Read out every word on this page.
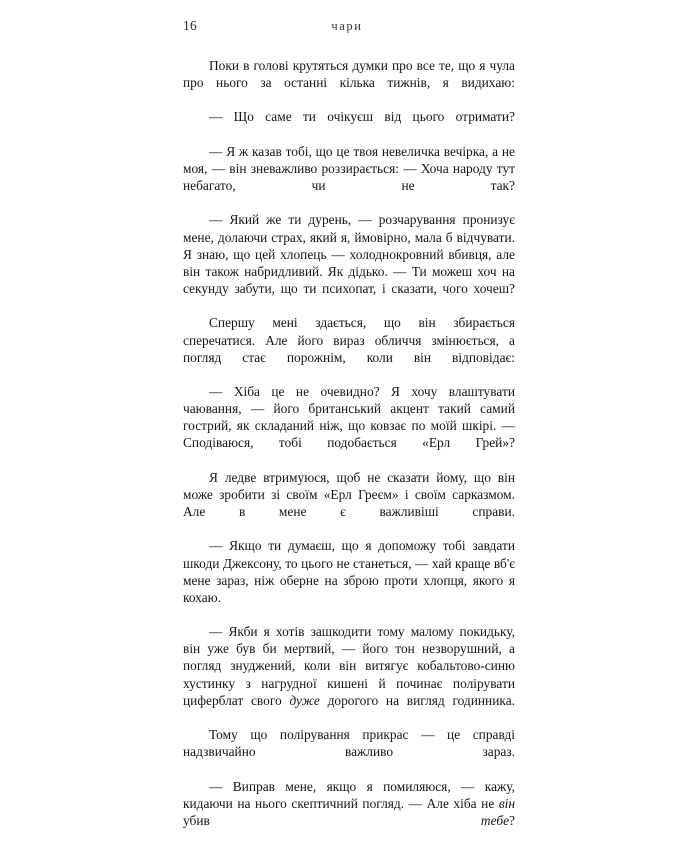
16	чари

Поки в голові крутяться думки про все те, що я чула про нього за останні кілька тижнів, я видихаю:

— Що саме ти очікуєш від цього отримати?

— Я ж казав тобі, що це твоя невеличка вечірка, а не моя, — він зневажливо роззирається: — Хоча народу тут небагато, чи не так?

— Який же ти дурень, — розчарування пронизує мене, долаючи страх, який я, ймовірно, мала б відчувати. Я знаю, що цей хлопець — холоднокровний вбивця, але він також набридливий. Як дідько. — Ти можеш хоч на секунду забути, що ти психопат, і сказати, чого хочеш?

Спершу мені здається, що він збирається сперечатися. Але його вираз обличчя змінюється, а погляд стає порожнім, коли він відповідає:

— Хіба це не очевидно? Я хочу влаштувати чаювання, — його британський акцент такий самий гострий, як складаний ніж, що ковзає по моїй шкірі. — Сподіваюся, тобі подобається «Ерл Грей»?

Я ледве втримуюся, щоб не сказати йому, що він може зробити зі своїм «Ерл Греєм» і своїм сарказмом. Але в мене є важливіші справи.

— Якщо ти думаєш, що я допоможу тобі завдати шкоди Джексону, то цього не станеться, — хай краще вб'є мене зараз, ніж оберне на зброю проти хлопця, якого я кохаю.

— Якби я хотів зашкодити тому малому покидьку, він уже був би мертвий, — його тон незворушний, а погляд знуджений, коли він витягує кобальтово-синю хустинку з нагрудної кишені й починає полірувати циферблат свого дуже дорогого на вигляд годинника.

Тому що полірування прикрас — це справді надзвичайно важливо зараз.

— Виправ мене, якщо я помиляюся, — кажу, кидаючи на нього скептичний погляд. — Але хіба не він убив тебе?
